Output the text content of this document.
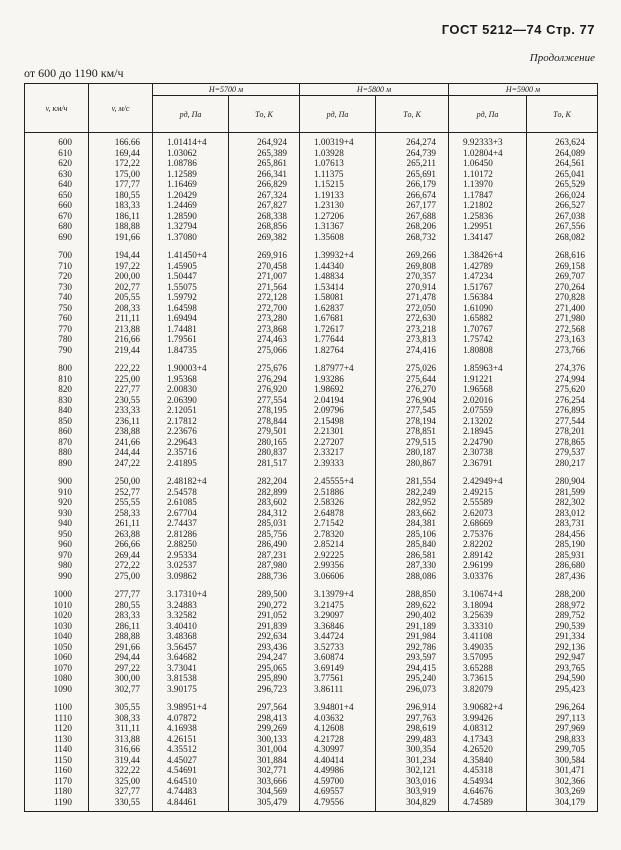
ГОСТ 5212—74 Стр. 77
Продолжение
от 600 до 1190 км/ч
v, км/ч	v, м/с	H=5700 м		H=5800 м		H=5900 м	
		pд, Па	Tо, K	pд, Па	Tо, K	pд, Па	Tо, K
600	166.66	1.01414+4	264,924	1.00319+4	264,274	9.92333+3	263,624
610	169,44	1.03062	265,389	1.03928	264,739	1.02804+4	264,089
620	172,22	1.08786	265,861	1.07613	265,211	1.06450	264,561
630	175,00	1.12589	266,341	1.11375	265,691	1.10172	265,041
640	177,77	1.16469	266,829	1.15215	266,179	1.13970	265,529
650	180,55	1.20429	267,324	1.19133	266,674	1.17847	266,024
660	183,33	1.24469	267,827	1.23130	267,177	1.21802	266,527
670	186,11	1.28590	268,338	1.27206	267,688	1.25836	267,038
680	188,88	1.32794	268,856	1.31367	268,206	1.29951	267,556
690	191,66	1.37080	269,382	1.35608	268,732	1.34147	268,082
700	194,44	1.41450+4	269,916	1.39932+4	269,266	1.38426+4	268,616
710	197,22	1.45905	270,458	1.44340	269,808	1.42789	269,158
720	200,00	1.50447	271,007	1.48834	270,357	1.47234	269,707
730	202,77	1.55075	271,564	1.53414	270,914	1.51767	270,264
740	205,55	1.59792	272,128	1.58081	271,478	1.56384	270,828
750	208,33	1.64598	272,700	1.62837	272,050	1.61090	271,400
760	211,11	1.69494	273,280	1.67681	272,630	1.65882	271,980
770	213,88	1.74481	273,868	1.72617	273,218	1.70767	272,568
780	216,66	1.79561	274,463	1.77644	273,813	1.75742	273,163
790	219,44	1.84735	275,066	1.82764	274,416	1.80808	273,766
800	222,22	1.90003+4	275,676	1.87977+4	275,026	1.85963+4	274,376
810	225,00	1.95368	276,294	1.93286	275,644	1.91221	274,994
820	227,77	2.00830	276,920	1.98692	276,270	1.96568	275,620
830	230,55	2.06390	277,554	2.04194	276,904	2.02016	276,254
840	233,33	2.12051	278,195	2.09796	277,545	2.07559	276,895
850	236,11	2.17812	278,844	2.15498	278,194	2.13202	277,544
860	238,88	2.23676	279,501	2.21301	278,851	2.18945	278,201
870	241,66	2.29643	280,165	2.27207	279,515	2.24790	278,865
880	244,44	2.35716	280,837	2.33217	280,187	2.30738	279,537
890	247,22	2.41895	281,517	2.39333	280,867	2.36791	280,217
900	250,00	2.48182+4	282,204	2.45555+4	281,554	2.42949+4	280,904
910	252,77	2.54578	282,899	2.51886	282,249	2.49215	281,599
920	255,55	2.61085	283,602	2.58326	282,952	2.55589	282,302
930	258,33	2.67704	284,312	2.64878	283,662	2.62073	283,012
940	261,11	2.74437	285,031	2.71542	284,381	2.68669	283,731
950	263,88	2.81286	285,756	2.78320	285,106	2.75376	284,456
960	266,66	2.88250	286,490	2.85214	285,840	2.82202	285,190
970	269,44	2.95334	287,231	2.92225	286,581	2.89142	285,931
980	272,22	3.02537	287,980	2.99356	287,330	2.96199	286,680
990	275,00	3.09862	288,736	3.06606	288,086	3.03376	287,436
1000	277,77	3.17310+4	289,500	3.13979+4	288,850	3.10674+4	288,200
1010	280,55	3.24883	290,272	3.21475	289,622	3.18094	288,972
1020	283,33	3.32582	291,052	3.29097	290,402	3.25639	289,752
1030	286,11	3.40410	291,839	3.36846	291,189	3.33310	290,539
1040	288,88	3.48368	292,634	3.44724	291,984	3.41108	291,334
1050	291,66	3.56457	293,436	3.52733	292,786	3.49035	292,136
1060	294,44	3.64682	294,247	3.60874	293,597	3.57095	292,947
1070	297,22	3.73041	295,065	3.69149	294,415	3.65288	293,765
1080	300,00	3.81538	295,890	3.77561	295,240	3.73615	294,590
1090	302,77	3.90175	296,723	3.86111	296,073	3.82079	295,423
1100	305,55	3.98951+4	297,564	3.94801+4	296,914	3.90682+4	296,264
1110	308,33	4.07872	298,413	4.03632	297,763	3.99426	297,113
1120	311,11	4.16938	299,269	4.12608	298,619	4.08312	297,969
1130	313,88	4.26151	300,133	4.21728	299,483	4.17343	298,833
1140	316,66	4.35512	301,004	4.30997	300,354	4.26520	299,705
1150	319,44	4.45027	301,884	4.40414	301,234	4.35840	300,584
1160	322,22	4.54691	302,771	4.49986	302,121	4.45318	301,471
1170	325,00	4.64510	303,666	4.59700	303,016	4.54934	302,366
1180	327,77	4.74483	304,569	4.69557	303,919	4.64676	303,269
1190	330,55	4.84461	305,479	4.79556	304,829	4.74589	304,179
